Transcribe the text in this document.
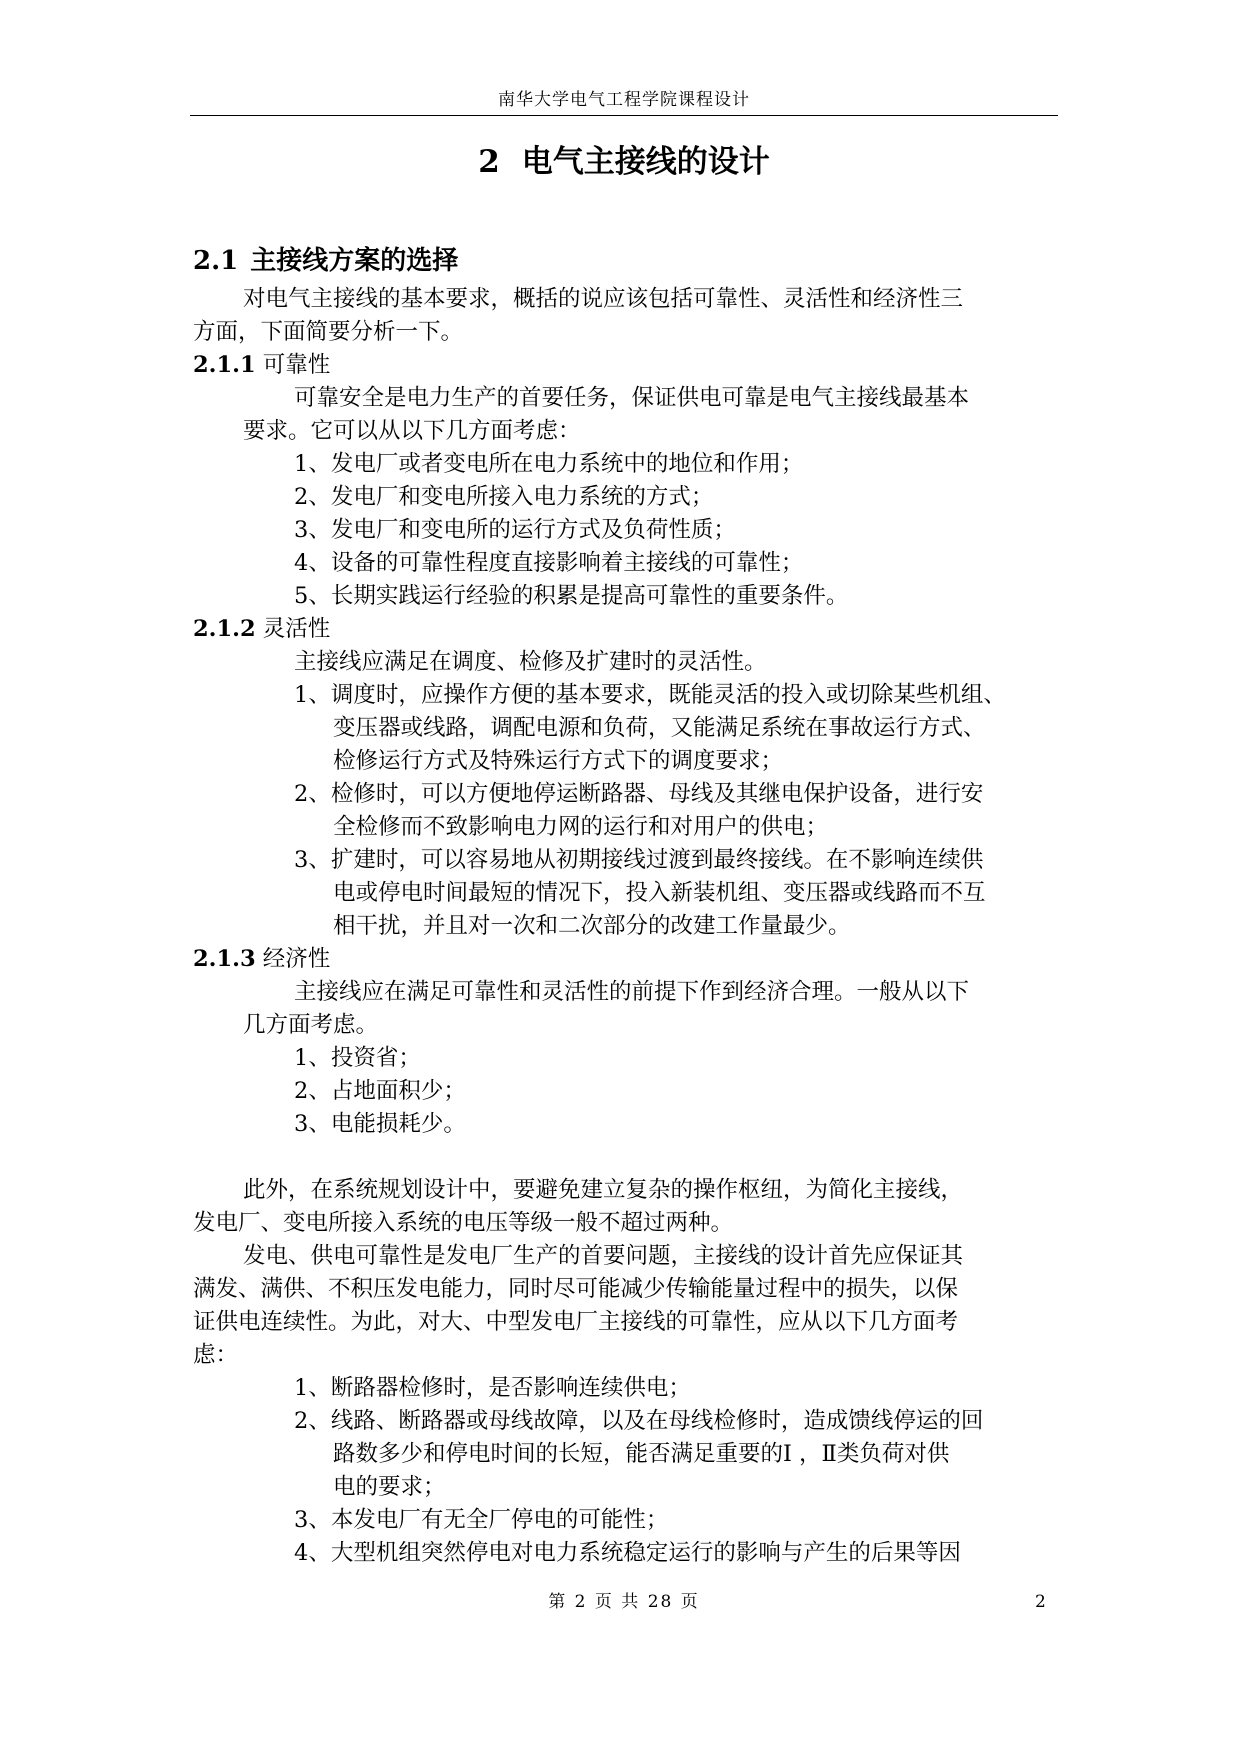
南华大学电气工程学院课程设计
2 电气主接线的设计
2.1 主接线方案的选择
对电气主接线的基本要求，概括的说应该包括可靠性、灵活性和经济性三
方面，下面简要分析一下。
2.1.1 可靠性
可靠安全是电力生产的首要任务，保证供电可靠是电气主接线最基本
要求。它可以从以下几方面考虑：
1、发电厂或者变电所在电力系统中的地位和作用；
2、发电厂和变电所接入电力系统的方式；
3、发电厂和变电所的运行方式及负荷性质；
4、设备的可靠性程度直接影响着主接线的可靠性；
5、长期实践运行经验的积累是提高可靠性的重要条件。
2.1.2 灵活性
主接线应满足在调度、检修及扩建时的灵活性。
1、调度时，应操作方便的基本要求，既能灵活的投入或切除某些机组、
变压器或线路，调配电源和负荷，又能满足系统在事故运行方式、
检修运行方式及特殊运行方式下的调度要求；
2、检修时，可以方便地停运断路器、母线及其继电保护设备，进行安
全检修而不致影响电力网的运行和对用户的供电；
3、扩建时，可以容易地从初期接线过渡到最终接线。在不影响连续供
电或停电时间最短的情况下，投入新装机组、变压器或线路而不互
相干扰，并且对一次和二次部分的改建工作量最少。
2.1.3 经济性
主接线应在满足可靠性和灵活性的前提下作到经济合理。一般从以下
几方面考虑。
1、投资省；
2、占地面积少；
3、电能损耗少。
此外，在系统规划设计中，要避免建立复杂的操作枢纽，为简化主接线，
发电厂、变电所接入系统的电压等级一般不超过两种。
发电、供电可靠性是发电厂生产的首要问题，主接线的设计首先应保证其
满发、满供、不积压发电能力，同时尽可能减少传输能量过程中的损失，以保
证供电连续性。为此，对大、中型发电厂主接线的可靠性，应从以下几方面考
虑：
1、断路器检修时，是否影响连续供电；
2、线路、断路器或母线故障，以及在母线检修时，造成馈线停运的回
路数多少和停电时间的长短，能否满足重要的Ⅰ ，Ⅱ类负荷对供
电的要求；
3、本发电厂有无全厂停电的可能性；
4、大型机组突然停电对电力系统稳定运行的影响与产生的后果等因
第 2 页 共 28 页	2
